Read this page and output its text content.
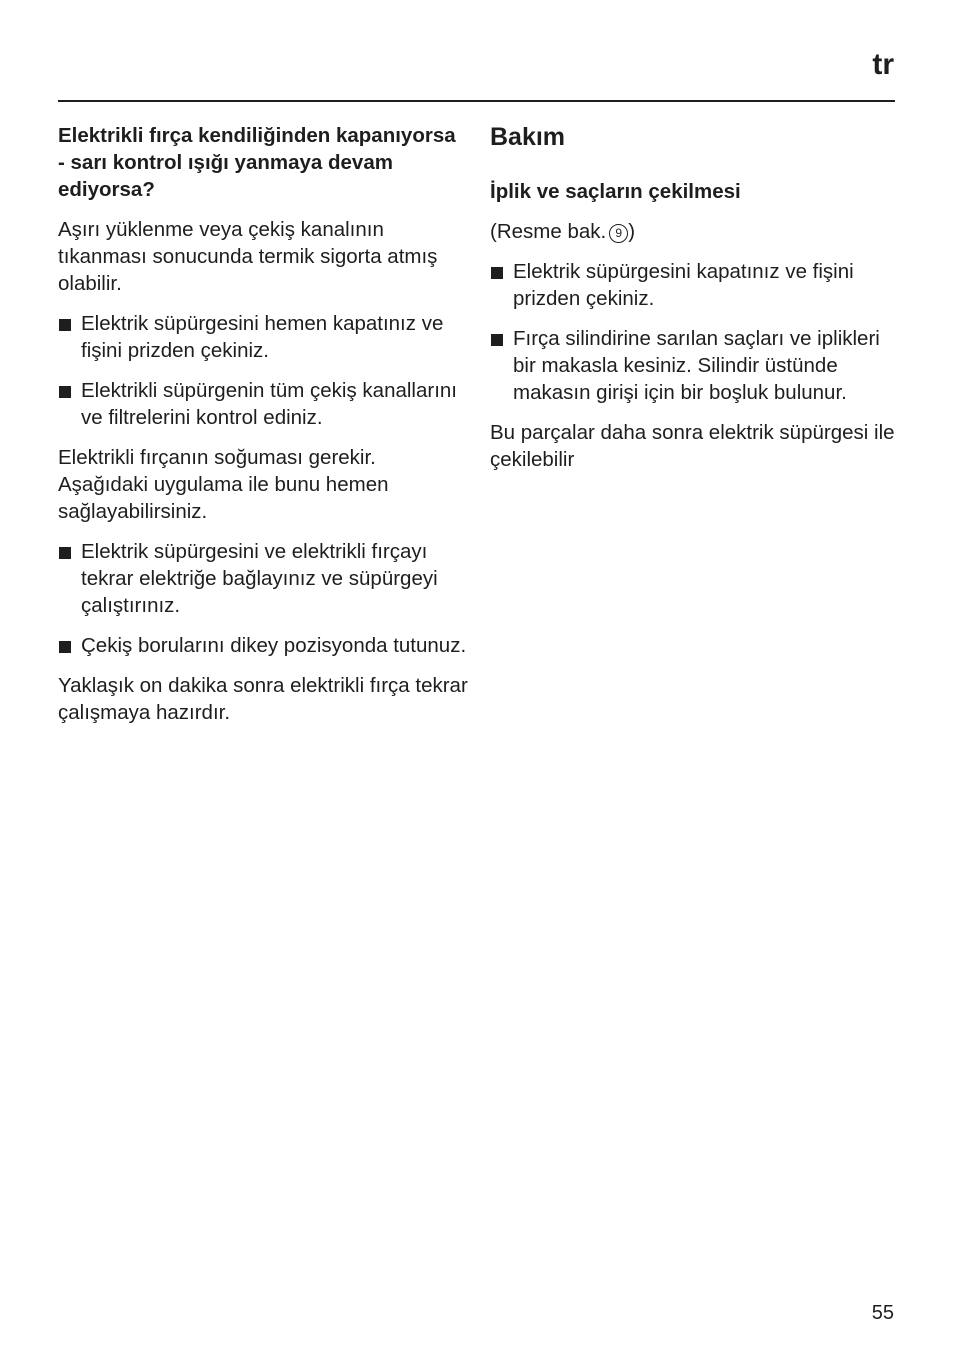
tr
Elektrikli fırça kendiliğinden kapanıyorsa - sarı kontrol ışığı yanmaya devam ediyorsa?
Aşırı yüklenme veya çekiş kanalının tıkanması sonucunda termik sigorta atmış olabilir.
Elektrik süpürgesini hemen kapatınız ve fişini prizden çekiniz.
Elektrikli süpürgenin tüm çekiş kanallarını ve filtrelerini kontrol ediniz.
Elektrikli fırçanın soğuması gerekir. Aşağıdaki uygulama ile bunu hemen sağlayabilirsiniz.
Elektrik süpürgesini ve elektrikli fırçayı tekrar elektriğe bağlayınız ve süpürgeyi çalıştırınız.
Çekiş borularını dikey pozisyonda tutunuz.
Yaklaşık on dakika sonra elektrikli fırça tekrar çalışmaya hazırdır.
Bakım
İplik ve saçların çekilmesi
(Resme bak. 9 )
Elektrik süpürgesini kapatınız ve fişini prizden çekiniz.
Fırça silindirine sarılan saçları ve iplikleri bir makasla kesiniz. Silindir üstünde makasın girişi için bir boşluk bulunur.
Bu parçalar daha sonra elektrik süpürgesi ile çekilebilir
55
